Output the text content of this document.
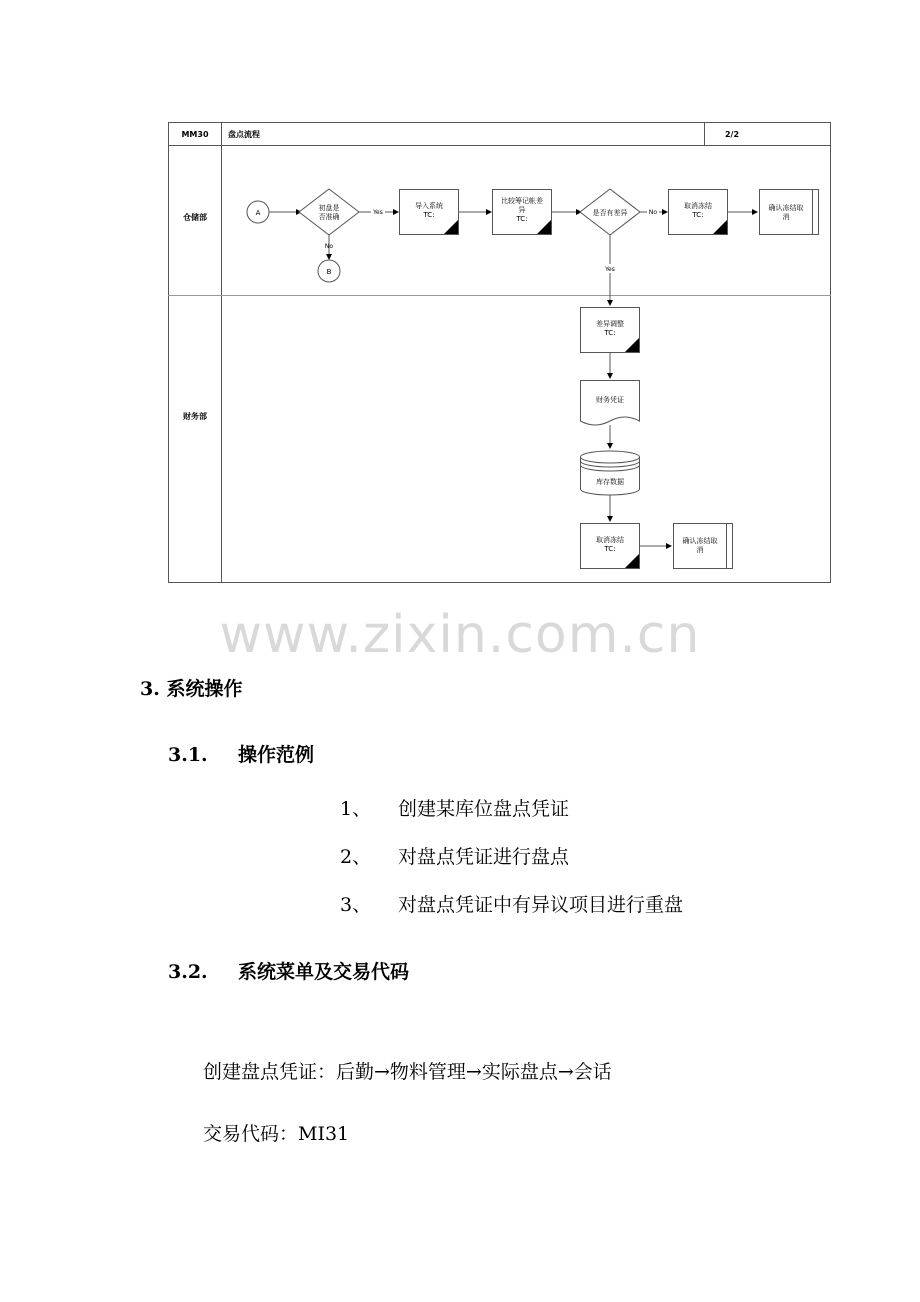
MM30 盘点流程	2/2
仓储部
财务部
A
初盘是
否准确
Yes
No
B
导入系统
TC:
比较筹记帐差
异
TC:
是否有差异	No
Yes
取消冻结
TC:
确认冻结取
消
差异调整
TC:
财务凭证
库存数据
取消冻结
TC:
确认冻结取
消
www.zixin.com.cn
3. 系统操作
3.1. 操作范例
1、 创建某库位盘点凭证
2、 对盘点凭证进行盘点
3、 对盘点凭证中有异议项目进行重盘
3.2. 系统菜单及交易代码
创建盘点凭证：后勤→物料管理→实际盘点→会话
交易代码：MI31
